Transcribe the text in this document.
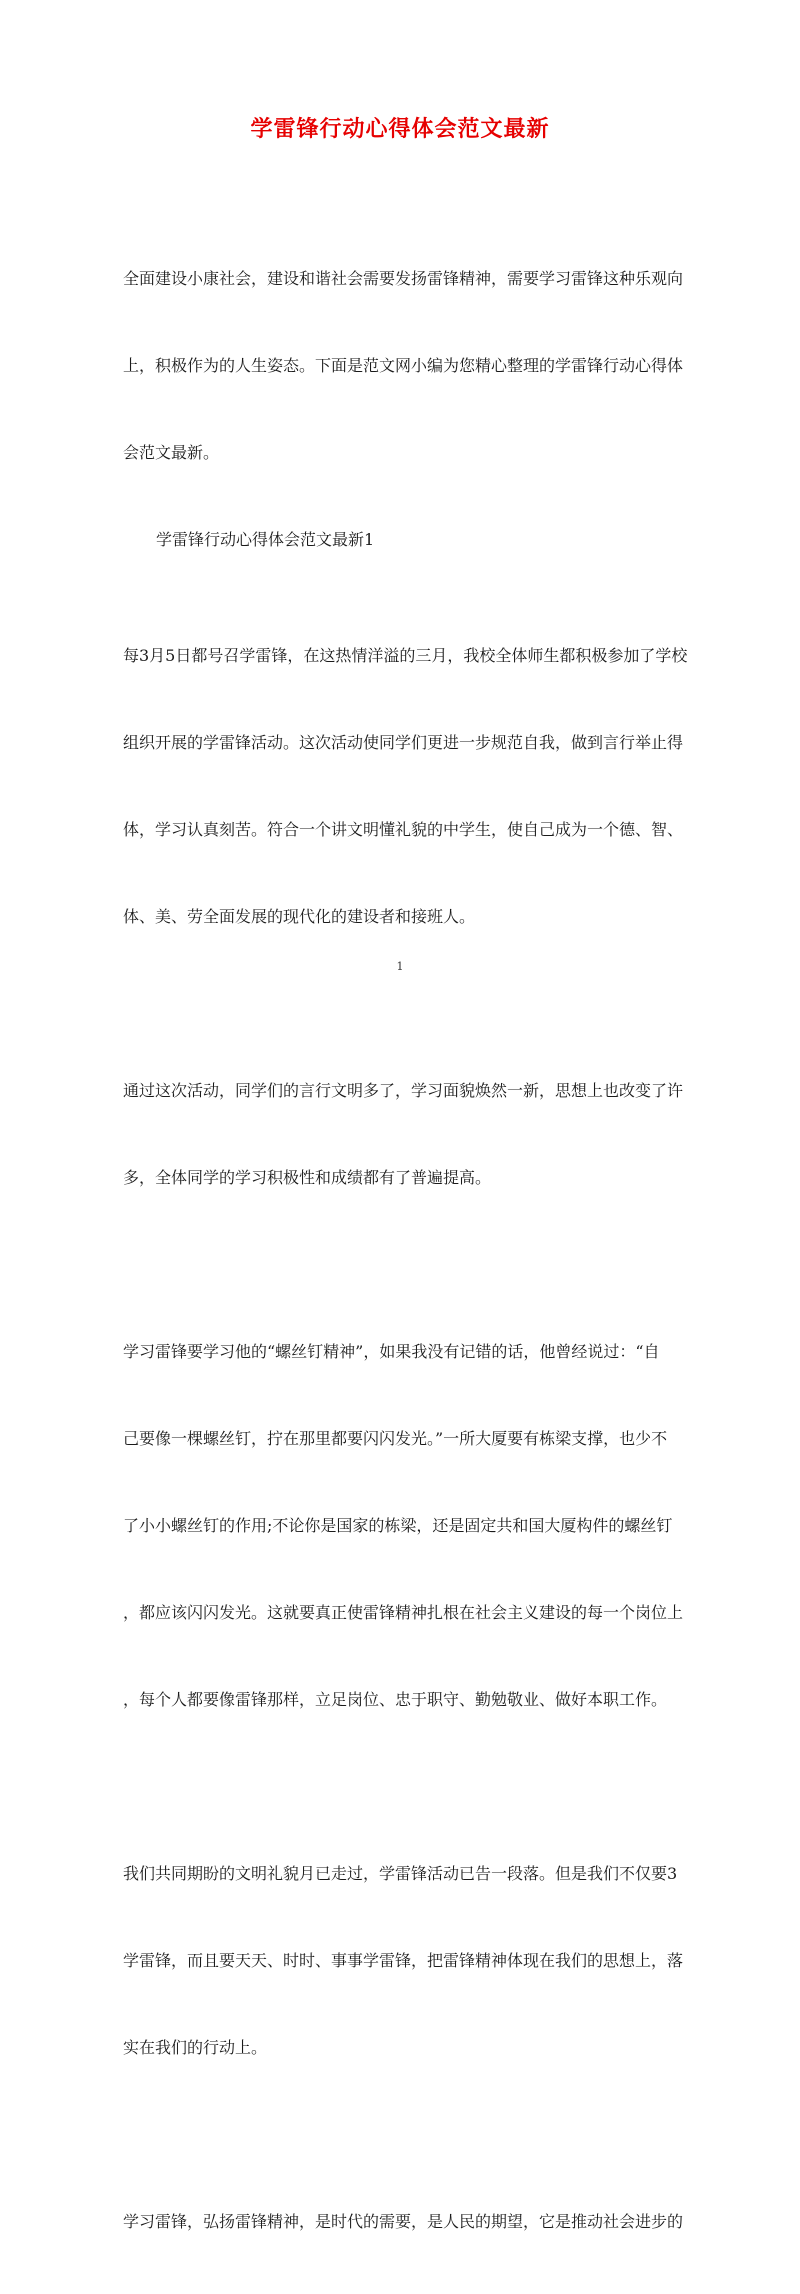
学雷锋行动心得体会范文最新

全面建设小康社会，建设和谐社会需要发扬雷锋精神，需要学习雷锋这种乐观向

上，积极作为的人生姿态。下面是范文网小编为您精心整理的学雷锋行动心得体

会范文最新。

学雷锋行动心得体会范文最新1

每3月5日都号召学雷锋，在这热情洋溢的三月，我校全体师生都积极参加了学校

组织开展的学雷锋活动。这次活动使同学们更进一步规范自我，做到言行举止得

体，学习认真刻苦。符合一个讲文明懂礼貌的中学生，使自己成为一个德、智、

体、美、劳全面发展的现代化的建设者和接班人。

通过这次活动，同学们的言行文明多了，学习面貌焕然一新，思想上也改变了许

多，全体同学的学习积极性和成绩都有了普遍提高。

学习雷锋要学习他的“螺丝钉精神”，如果我没有记错的话，他曾经说过：“自

己要像一棵螺丝钉，拧在那里都要闪闪发光。”一所大厦要有栋梁支撑，也少不

了小小螺丝钉的作用;不论你是国家的栋梁，还是固定共和国大厦构件的螺丝钉

，都应该闪闪发光。这就要真正使雷锋精神扎根在社会主义建设的每一个岗位上

，每个人都要像雷锋那样，立足岗位、忠于职守、勤勉敬业、做好本职工作。

我们共同期盼的文明礼貌月已走过，学雷锋活动已告一段落。但是我们不仅要3

学雷锋，而且要天天、时时、事事学雷锋，把雷锋精神体现在我们的思想上，落

实在我们的行动上。

学习雷锋，弘扬雷锋精神，是时代的需要，是人民的期望，它是推动社会进步的

1
